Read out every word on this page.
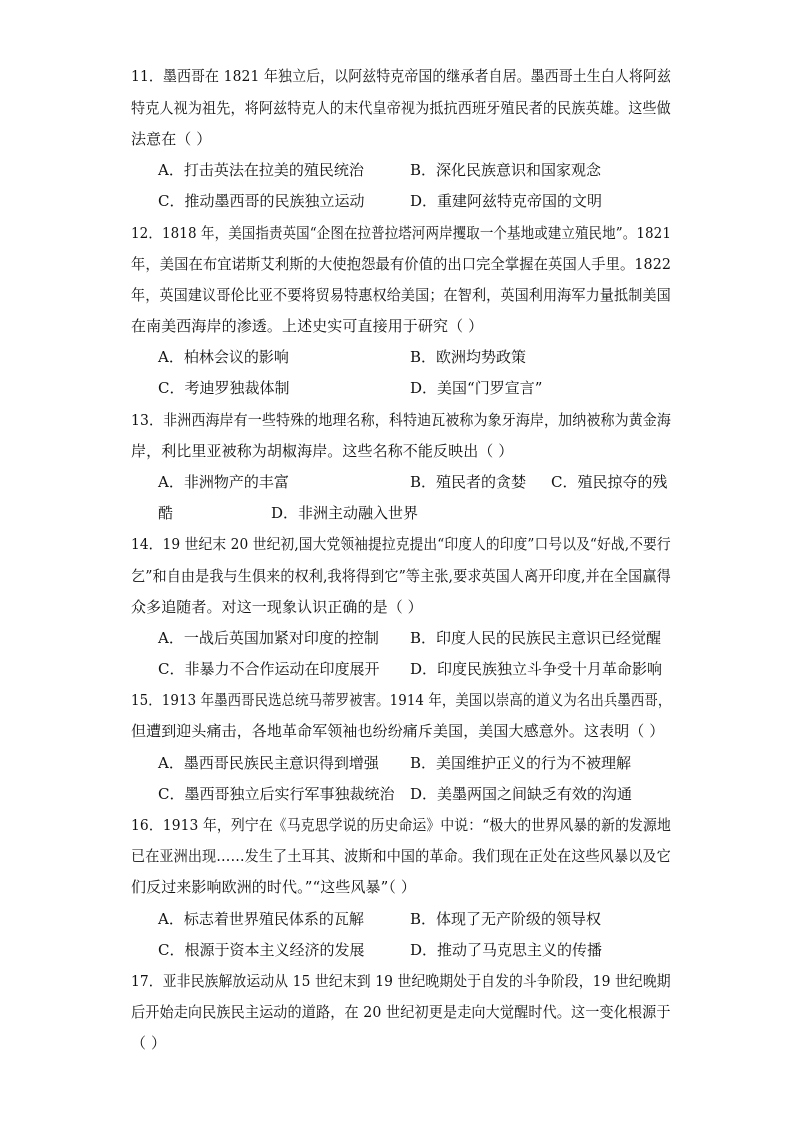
11．墨西哥在 1821 年独立后，以阿兹特克帝国的继承者自居。墨西哥土生白人将阿兹
特克人视为祖先，将阿兹特克人的末代皇帝视为抵抗西班牙殖民者的民族英雄。这些做
法意在（ ）
A．打击英法在拉美的殖民统治	B．深化民族意识和国家观念
C．推动墨西哥的民族独立运动	D．重建阿兹特克帝国的文明
12．1818 年，美国指责英国“企图在拉普拉塔河两岸攫取一个基地或建立殖民地”。1821
年，美国在布宜诺斯艾利斯的大使抱怨最有价值的出口完全掌握在英国人手里。1822
年，英国建议哥伦比亚不要将贸易特惠权给美国；在智利，英国利用海军力量抵制美国
在南美西海岸的渗透。上述史实可直接用于研究（ ）
A．柏林会议的影响	B．欧洲均势政策
C．考迪罗独裁体制	D．美国“门罗宣言”
13．非洲西海岸有一些特殊的地理名称，科特迪瓦被称为象牙海岸，加纳被称为黄金海
岸，利比里亚被称为胡椒海岸。这些名称不能反映出（ ）
A．非洲物产的丰富	B．殖民者的贪婪 C．殖民掠夺的残
酷	D．非洲主动融入世界
14．19 世纪末 20 世纪初,国大党领袖提拉克提出“印度人的印度”口号以及“好战,不要行
乞”和自由是我与生俱来的权利,我将得到它”等主张,要求英国人离开印度,并在全国赢得
众多追随者。对这一现象认识正确的是（ ）
A．一战后英国加紧对印度的控制 B．印度人民的民族民主意识已经觉醒
C．非暴力不合作运动在印度展开 D．印度民族独立斗争受十月革命影响
15．1913 年墨西哥民选总统马蒂罗被害。1914 年，美国以崇高的道义为名出兵墨西哥，
但遭到迎头痛击，各地革命军领袖也纷纷痛斥美国，美国大感意外。这表明（ ）
A．墨西哥民族民主意识得到增强 B．美国维护正义的行为不被理解
C．墨西哥独立后实行军事独裁统治 D．美墨两国之间缺乏有效的沟通
16．1913 年，列宁在《马克思学说的历史命运》中说：“极大的世界风暴的新的发源地
已在亚洲出现……发生了土耳其、波斯和中国的革命。我们现在正处在这些风暴以及它
们反过来影响欧洲的时代。”“这些风暴”（ ）
A．标志着世界殖民体系的瓦解	B．体现了无产阶级的领导权
C．根源于资本主义经济的发展	D．推动了马克思主义的传播
17．亚非民族解放运动从 15 世纪末到 19 世纪晚期处于自发的斗争阶段，19 世纪晚期
后开始走向民族民主运动的道路，在 20 世纪初更是走向大觉醒时代。这一变化根源于
（ ）
